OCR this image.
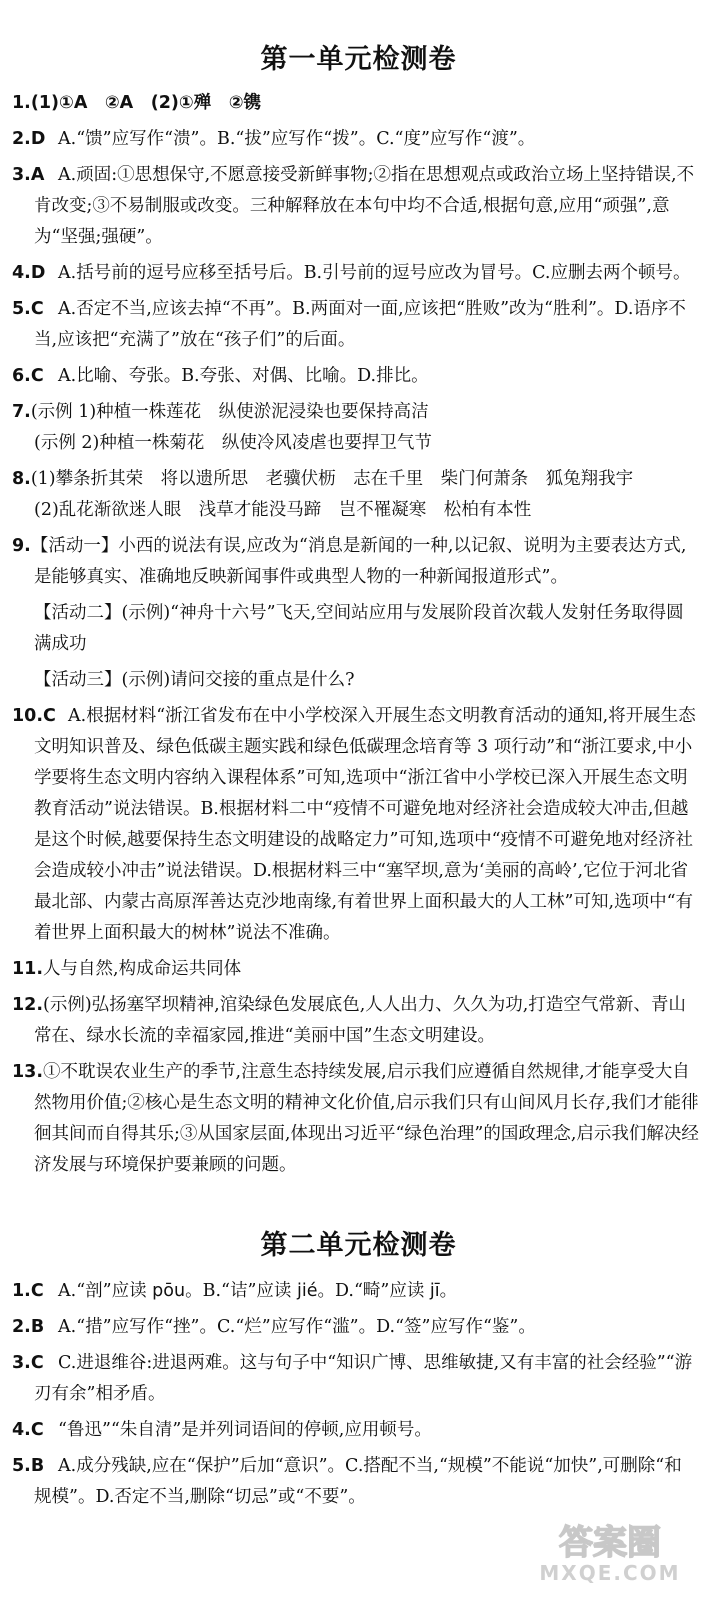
第一单元检测卷
1.(1)①A　②A　(2)①殚　②镌
2.D A.“馈”应写作“溃”。B.“拔”应写作“拨”。C.“度”应写作“渡”。
3.A A.顽固:①思想保守,不愿意接受新鲜事物;②指在思想观点或政治立场上坚持错误,不肯改变;③不易制服或改变。三种解释放在本句中均不合适,根据句意,应用“顽强”,意为“坚强;强硬”。
4.D A.括号前的逗号应移至括号后。B.引号前的逗号应改为冒号。C.应删去两个顿号。
5.C A.否定不当,应该去掉“不再”。B.两面对一面,应该把“胜败”改为“胜利”。D.语序不当,应该把“充满了”放在“孩子们”的后面。
6.C A.比喻、夸张。B.夸张、对偶、比喻。D.排比。
7.(示例 1)种植一株莲花　纵使淤泥浸染也要保持高洁
(示例 2)种植一株菊花　纵使冷风凌虐也要捍卫气节
8.(1)攀条折其荣　将以遗所思　老骥伏枥　志在千里　柴门何萧条　狐兔翔我宇
(2)乱花渐欲迷人眼　浅草才能没马蹄　岂不罹凝寒　松柏有本性
9.【活动一】小西的说法有误,应改为“消息是新闻的一种,以记叙、说明为主要表达方式,是能够真实、准确地反映新闻事件或典型人物的一种新闻报道形式”。
【活动二】(示例)“神舟十六号”飞天,空间站应用与发展阶段首次载人发射任务取得圆满成功
【活动三】(示例)请问交接的重点是什么?
10.C A.根据材料“浙江省发布在中小学校深入开展生态文明教育活动的通知,将开展生态文明知识普及、绿色低碳主题实践和绿色低碳理念培育等 3 项行动”和“浙江要求,中小学要将生态文明内容纳入课程体系”可知,选项中“浙江省中小学校已深入开展生态文明教育活动”说法错误。B.根据材料二中“疫情不可避免地对经济社会造成较大冲击,但越是这个时候,越要保持生态文明建设的战略定力”可知,选项中“疫情不可避免地对经济社会造成较小冲击”说法错误。D.根据材料三中“塞罕坝,意为‘美丽的高岭’,它位于河北省最北部、内蒙古高原浑善达克沙地南缘,有着世界上面积最大的人工林”可知,选项中“有着世界上面积最大的树林”说法不准确。
11.人与自然,构成命运共同体
12.(示例)弘扬塞罕坝精神,涫染绿色发展底色,人人出力、久久为功,打造空气常新、青山常在、绿水长流的幸福家园,推进“美丽中国”生态文明建设。
13.①不耽误农业生产的季节,注意生态持续发展,启示我们应遵循自然规律,才能享受大自然物用价值;②核心是生态文明的精神文化价值,启示我们只有山间风月长存,我们才能徘徊其间而自得其乐;③从国家层面,体现出习近平“绿色治理”的国政理念,启示我们解决经济发展与环境保护要兼顾的问题。
第二单元检测卷
1.C A.“剖”应读 pōu。B.“诘”应读 jié。D.“畸”应读 jī。
2.B A.“措”应写作“挫”。C.“烂”应写作“滥”。D.“签”应写作“鉴”。
3.C C.进退维谷:进退两难。这与句子中“知识广博、思维敏捷,又有丰富的社会经验”“游刃有余”相矛盾。
4.C “鲁迅”“朱自清”是并列词语间的停顿,应用顿号。
5.B A.成分残缺,应在“保护”后加“意识”。C.搭配不当,“规模”不能说“加快”,可删除“和规模”。D.否定不当,删除“切忌”或“不要”。
答案圈
MXQE.COM
